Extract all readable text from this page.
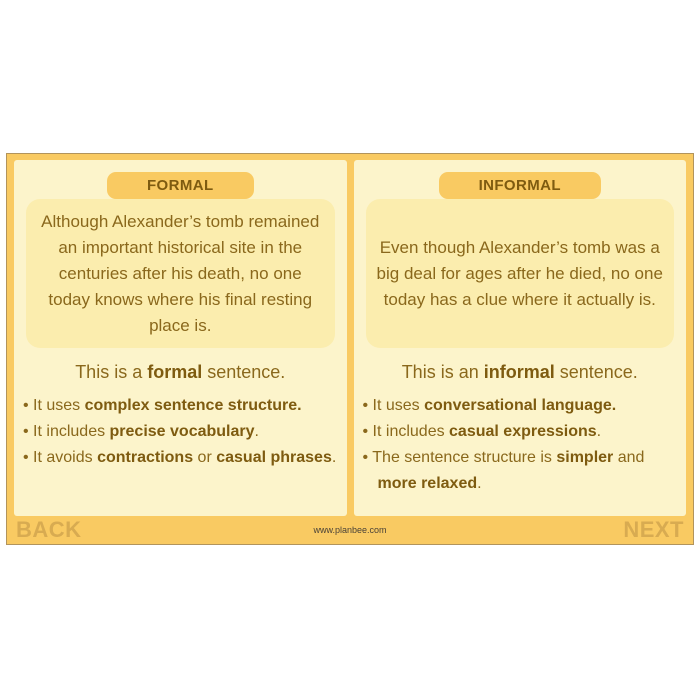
FORMAL
Although Alexander’s tomb remained an important historical site in the centuries after his death, no one today knows where his final resting place is.
This is a formal sentence.
• It uses complex sentence structure.
• It includes precise vocabulary.
• It avoids contractions or casual phrases.
INFORMAL
Even though Alexander’s tomb was a big deal for ages after he died, no one today has a clue where it actually is.
This is an informal sentence.
• It uses conversational language.
• It includes casual expressions.
• The sentence structure is simpler and more relaxed.
BACK	www.planbee.com	NEXT
